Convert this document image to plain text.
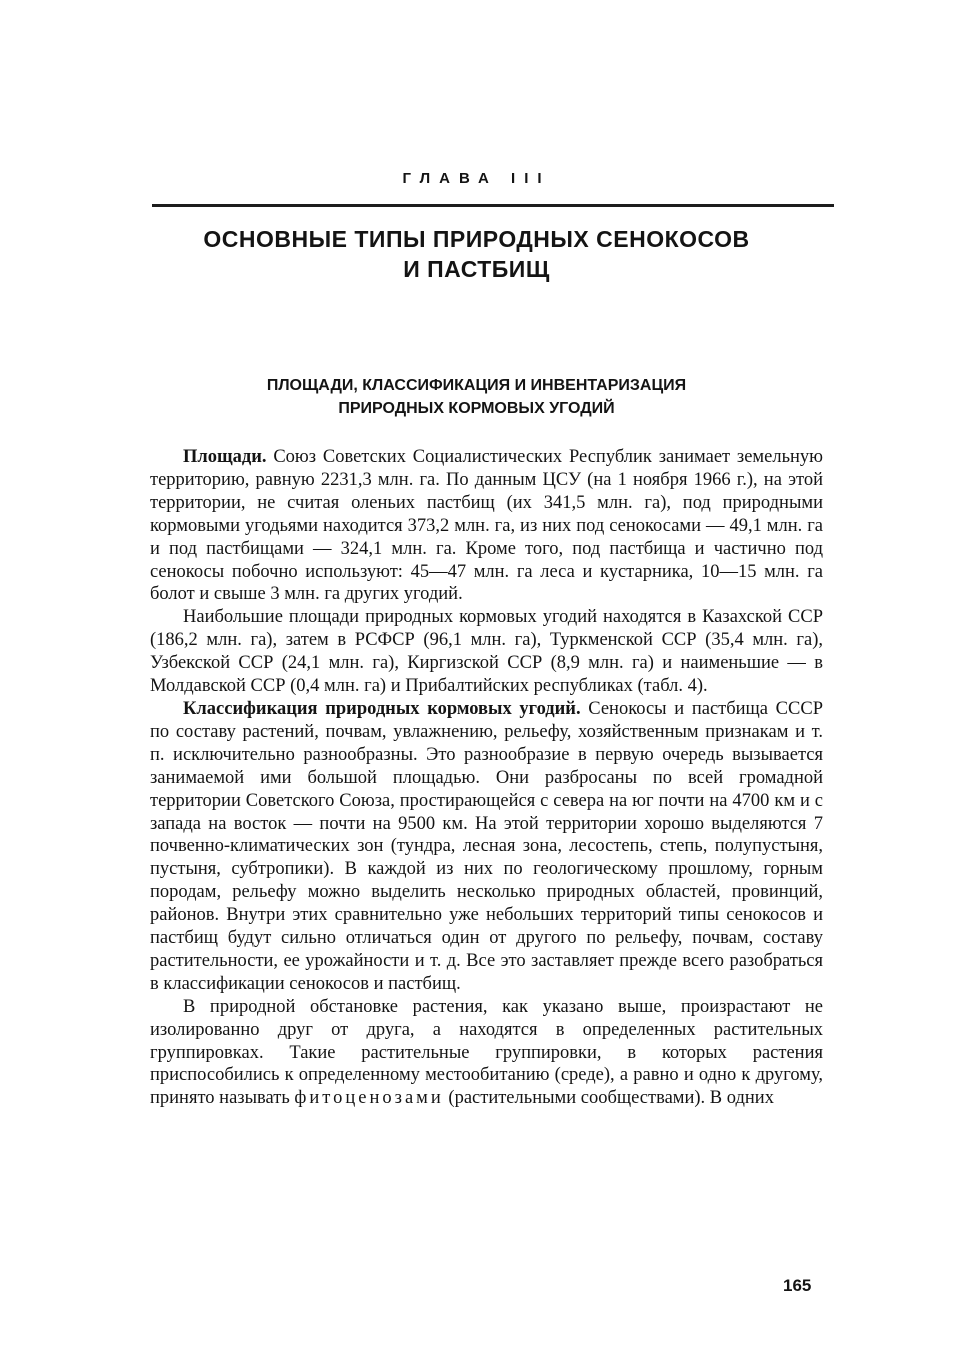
ГЛАВА III
ОСНОВНЫЕ ТИПЫ ПРИРОДНЫХ СЕНОКОСОВ
И ПАСТБИЩ
ПЛОЩАДИ, КЛАССИФИКАЦИЯ И ИНВЕНТАРИЗАЦИЯ
ПРИРОДНЫХ КОРМОВЫХ УГОДИЙ

Площади. Союз Советских Социалистических Республик занимает земельную территорию, равную 2231,3 млн. га. По данным ЦСУ (на 1 ноября 1966 г.), на этой территории, не считая оленьих пастбищ (их 341,5 млн. га), под природными кормовыми угодьями находится 373,2 млн. га, из них под сенокосами — 49,1 млн. га и под пастбищами — 324,1 млн. га. Кроме того, под пастбища и частично под сенокосы побочно используют: 45—47 млн. га леса и кустарника, 10—15 млн. га болот и свыше 3 млн. га других угодий.

Наибольшие площади природных кормовых угодий находятся в Казахской ССР (186,2 млн. га), затем в РСФСР (96,1 млн. га), Туркменской ССР (35,4 млн. га), Узбекской ССР (24,1 млн. га), Киргизской ССР (8,9 млн. га) и наименьшие — в Молдавской ССР (0,4 млн. га) и Прибалтийских республиках (табл. 4).

Классификация природных кормовых угодий. Сенокосы и пастбища СССР по составу растений, почвам, увлажнению, рельефу, хозяйственным признакам и т. п. исключительно разнообразны. Это разнообразие в первую очередь вызывается занимаемой ими большой площадью. Они разбросаны по всей громадной территории Советского Союза, простирающейся с севера на юг почти на 4700 км и с запада на восток — почти на 9500 км. На этой территории хорошо выделяются 7 почвенно-климатических зон (тундра, лесная зона, лесостепь, степь, полупустыня, пустыня, субтропики). В каждой из них по геологическому прошлому, горным породам, рельефу можно выделить несколько природных областей, провинций, районов. Внутри этих сравнительно уже небольших территорий типы сенокосов и пастбищ будут сильно отличаться один от другого по рельефу, почвам, составу растительности, ее урожайности и т. д. Все это заставляет прежде всего разобраться в классификации сенокосов и пастбищ.

В природной обстановке растения, как указано выше, произрастают не изолированно друг от друга, а находятся в определенных растительных группировках. Такие растительные группировки, в которых растения приспособились к определенному местообитанию (среде), а равно и одно к другому, принято называть фитоценозами (растительными сообществами). В одних

165
